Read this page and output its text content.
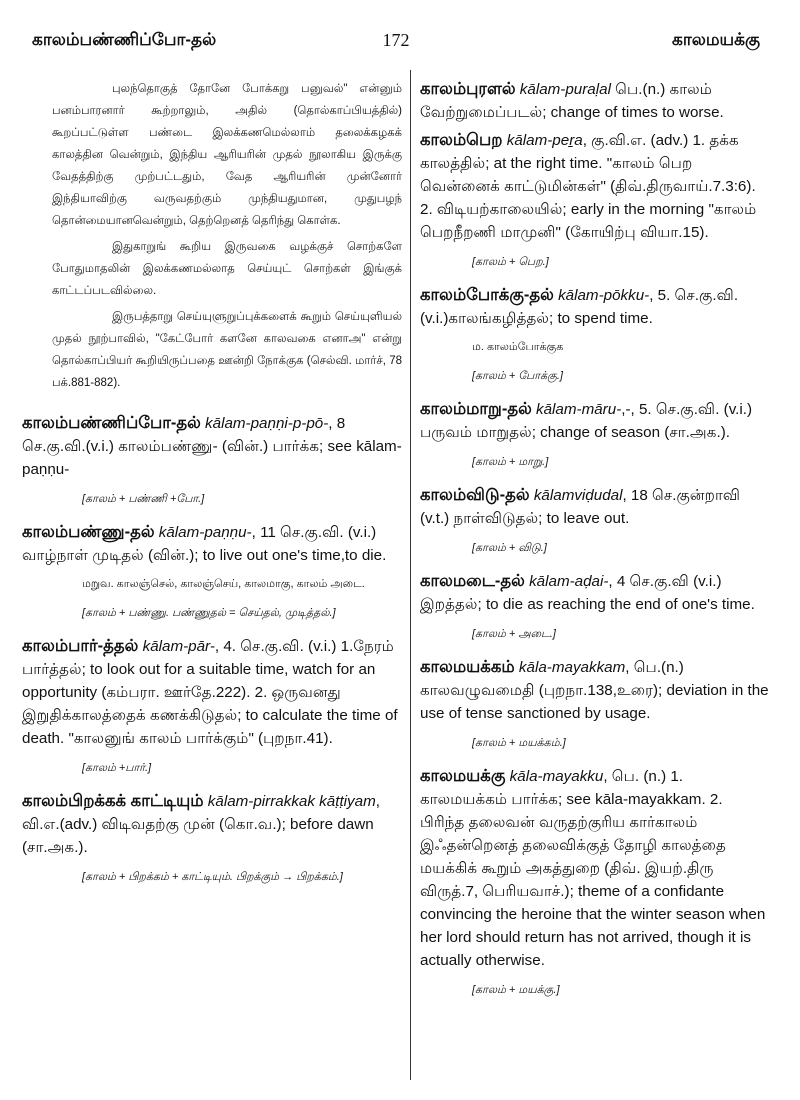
காலம்பண்ணிப்போ-தல்	172	காலமயக்கு

புலந்தொகுத் தோனே போக்கறு பனுவல்" என்னும் பனம்பாரனார் கூற்றாலும், அதில் (தொல்காப்பியத்தில்) கூறப்பட்டுள்ள பண்டை இலக்கணமெல்லாம் தலைக்கழகக் காலத்தின வென்றும், இந்திய ஆரியரின் முதல் நூலாகிய இருக்கு வேதத்திற்கு முற்பட்டதும், வேத ஆரியரின் முன்னோர் இந்தியாவிற்கு வருவதற்கும் முந்தியதுமான, முதுபழந் தொன்மையானவென்றும், தெற்றெனத் தெரிந்து கொள்க.

இதுகாறுங் கூறிய இருவகை வழக்குச் சொற்களே போதுமாதலின் இலக்கணமல்லாத செய்யுட் சொற்கள் இங்குக் காட்டப்படவில்லை.

இருபத்தாறு செய்யுளுறுப்புக்களைக் கூறும் செய்யுளியல் முதல் நூற்பாவில், "கேட்போர் களனே காலவகை எனாஅ" என்று தொல்காப்பியர் கூறியிருப்பதை ஊன்றி நோக்குக (செல்வி. மார்ச், 78 பக்.881-882).

காலம்பண்ணிப்போ-தல் kālam-paṇṇi-p-pō-, 8 செ.கு.வி.(v.i.) காலம்பண்ணு- (வின்.) பார்க்க; see kālam-paṇṇu-
[காலம் + பண்ணி +போ.]
காலம்பண்ணு-தல் kālam-paṇṇu-, 11 செ.கு.வி. (v.i.) வாழ்நாள் முடிதல் (வின்.); to live out one's time,to die.
மறுவ. காலஞ்செல், காலஞ்செய், காலமாகு, காலம் அடை.
[காலம் + பண்ணு. பண்ணுதல் = செய்தல், முடித்தல்.]
காலம்பார்-த்தல் kālam-pār-, 4. செ.கு.வி. (v.i.) 1.நேரம் பார்த்தல்; to look out for a suitable time, watch for an opportunity (கம்பரா. ஊர்தே.222). 2. ஒருவனது இறுதிக்காலத்தைக் கணக்கிடுதல்; to calculate the time of death. "காலனுங் காலம் பார்க்கும்" (புறநா.41).
[காலம் +பார்.]
காலம்பிறக்கக் காட்டியும் kālam-pirrakkak kāṭṭiyam, வி.எ.(adv.) விடிவதற்கு முன் (கொ.வ.); before dawn (சா.அக.).
[காலம் + பிறக்கம் + காட்டியும். பிறக்கும் → பிறக்கம்.]
காலம்புரளல் kālam-puraḷal பெ.(n.) காலம் வேற்றுமைப்படல்; change of times to worse.
காலம்பெற kālam-peṟa, கு.வி.எ. (adv.) 1. தக்க காலத்தில்; at the right time. "காலம் பெற வென்னைக் காட்டுமின்கள்" (திவ்.திருவாய்.7.3:6). 2. விடியற்காலையில்; early in the morning "காலம் பெறநீறணி மாமுனி" (கோயிற்பு வியா.15).
[காலம் + பெற.]
காலம்போக்கு-தல் kālam-pōkku-, 5. செ.கு.வி. (v.i.)காலங்கழித்தல்; to spend time.
ம. காலம்போக்குக
[காலம் + போக்கு.]
காலம்மாறு-தல் kālam-māru-,-, 5. செ.கு.வி. (v.i.) பருவம் மாறுதல்; change of season (சா.அக.).
[காலம் + மாறு.]
காலம்விடு-தல் kālamviḍudal, 18 செ.குன்றாவி (v.t.) நாள்விடுதல்; to leave out.
[காலம் + விடு.]
காலமடை-தல் kālam-aḍai-, 4 செ.கு.வி (v.i.) இறத்தல்; to die as reaching the end of one's time.
[காலம் + அடை.]
காலமயக்கம் kāla-mayakkam, பெ.(n.) காலவழுவமைதி (புறநா.138,உரை); deviation in the use of tense sanctioned by usage.
[காலம் + மயக்கம்.]
காலமயக்கு kāla-mayakku, பெ. (n.) 1. காலமயக்கம் பார்க்க; see kāla-mayakkam. 2. பிரிந்த தலைவன் வருதற்குரிய கார்காலம் இஃதன்றெனத் தலைவிக்குத் தோழி காலத்தை மயக்கிக் கூறும் அகத்துறை (திவ். இயற்.திரு விருத்.7, பெரியவாச்.); theme of a confidante convincing the heroine that the winter season when her lord should return has not arrived, though it is actually otherwise.
[காலம் + மயக்கு.]
